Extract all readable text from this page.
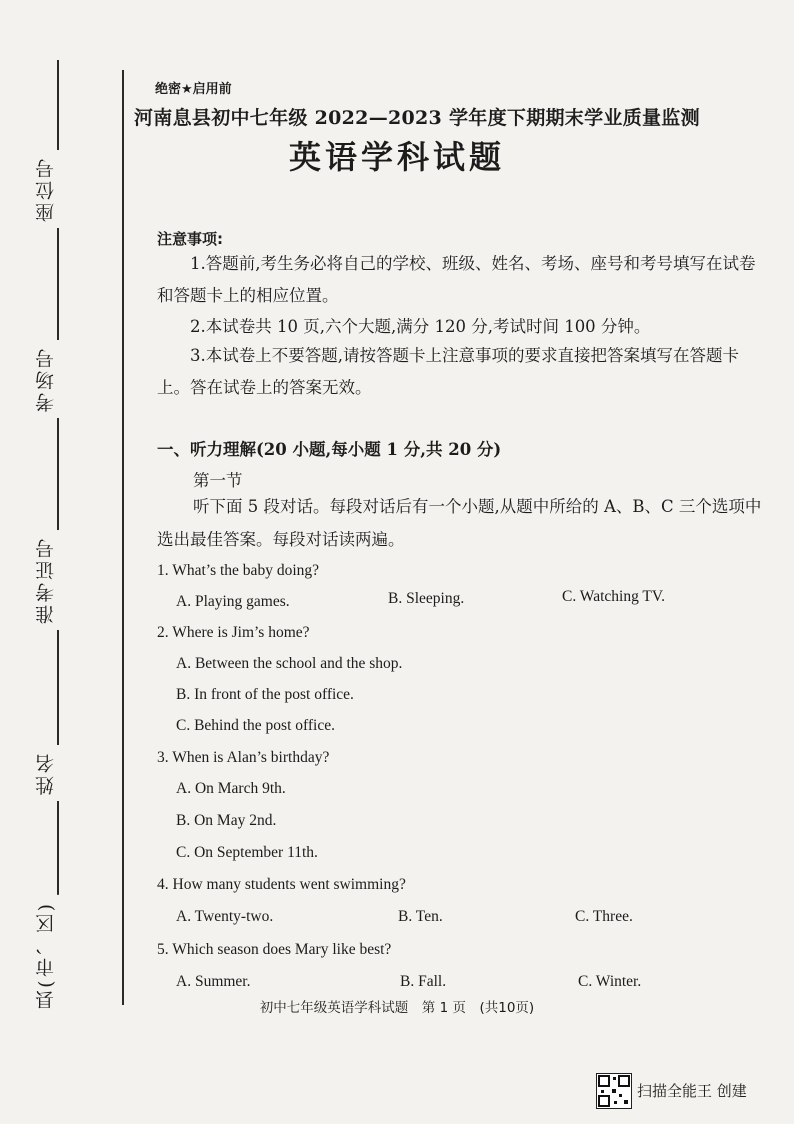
座位号
考场号
准考证号
姓名
县(市、区)
绝密★启用前
河南息县初中七年级 2022—2023 学年度下期期末学业质量监测
英语学科试题
注意事项:
1.答题前,考生务必将自己的学校、班级、姓名、考场、座号和考号填写在试卷和答题卡上的相应位置。
2.本试卷共 10 页,六个大题,满分 120 分,考试时间 100 分钟。
3.本试卷上不要答题,请按答题卡上注意事项的要求直接把答案填写在答题卡上。答在试卷上的答案无效。
一、听力理解(20 小题,每小题 1 分,共 20 分)
第一节
听下面 5 段对话。每段对话后有一个小题,从题中所给的 A、B、C 三个选项中选出最佳答案。每段对话读两遍。
1. What’s the baby doing?
A. Playing games.	B. Sleeping.	C. Watching TV.
2. Where is Jim’s home?
A. Between the school and the shop.
B. In front of the post office.
C. Behind the post office.
3. When is Alan’s birthday?
A. On March 9th.
B. On May 2nd.
C. On September 11th.
4. How many students went swimming?
A. Twenty-two.	B. Ten.	C. Three.
5. Which season does Mary like best?
A. Summer.	B. Fall.	C. Winter.
初中七年级英语学科试题　第 1 页　(共10页)
扫描全能王 创建
